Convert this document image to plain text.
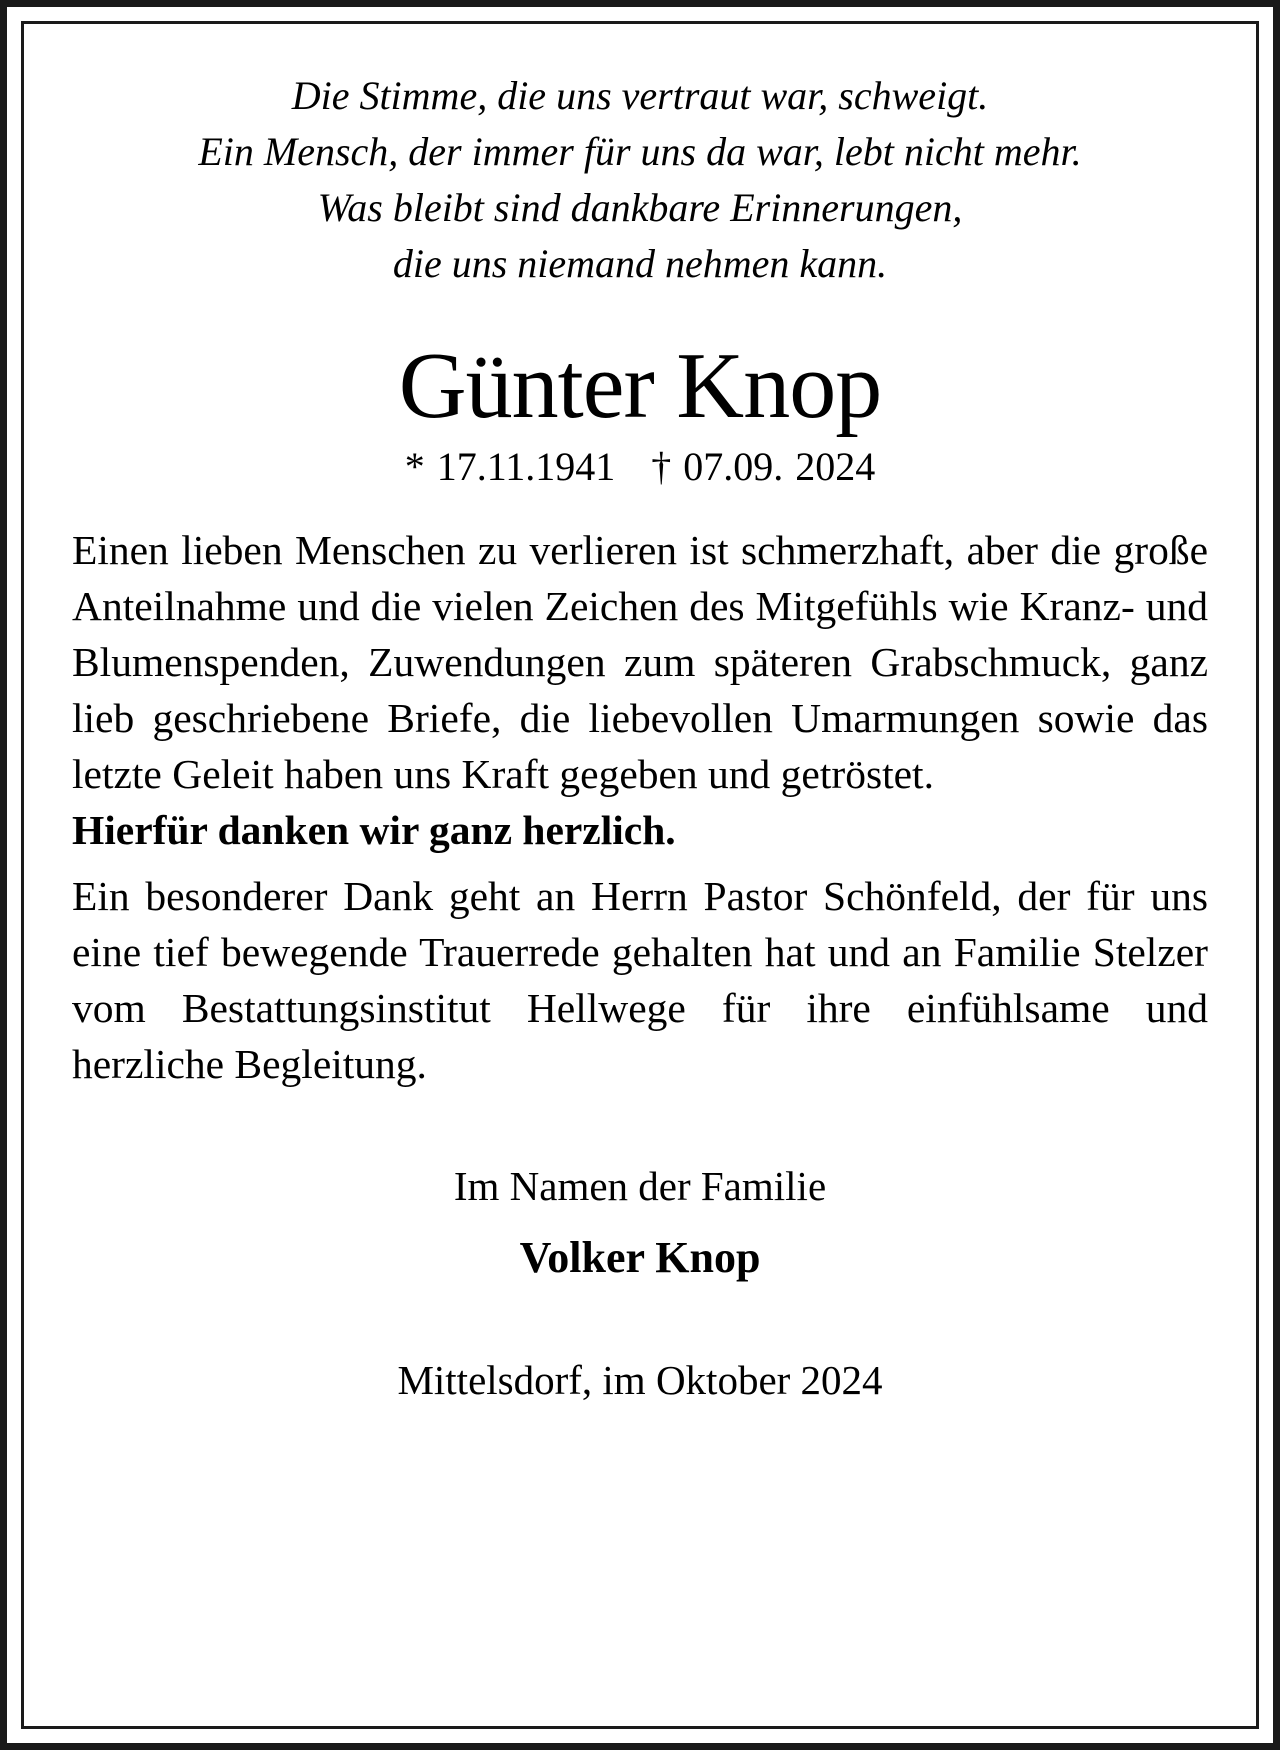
Die Stimme, die uns vertraut war, schweigt.
Ein Mensch, der immer für uns da war, lebt nicht mehr.
Was bleibt sind dankbare Erinnerungen,
die uns niemand nehmen kann.
Günter Knop
* 17.11.1941 † 07.09. 2024
Einen lieben Menschen zu verlieren ist schmerzhaft, aber die große Anteilnahme und die vielen Zeichen des Mitgefühls wie Kranz- und Blumenspenden, Zuwendungen zum späteren Grabschmuck, ganz lieb geschriebene Briefe, die liebevollen Umarmungen sowie das letzte Geleit haben uns Kraft gegeben und getröstet.
Hierfür danken wir ganz herzlich.
Ein besonderer Dank geht an Herrn Pastor Schönfeld, der für uns eine tief bewegende Trauerrede gehalten hat und an Familie Stelzer vom Bestattungsinstitut Hellwege für ihre einfühlsame und herzliche Begleitung.
Im Namen der Familie
Volker Knop
Mittelsdorf, im Oktober 2024
